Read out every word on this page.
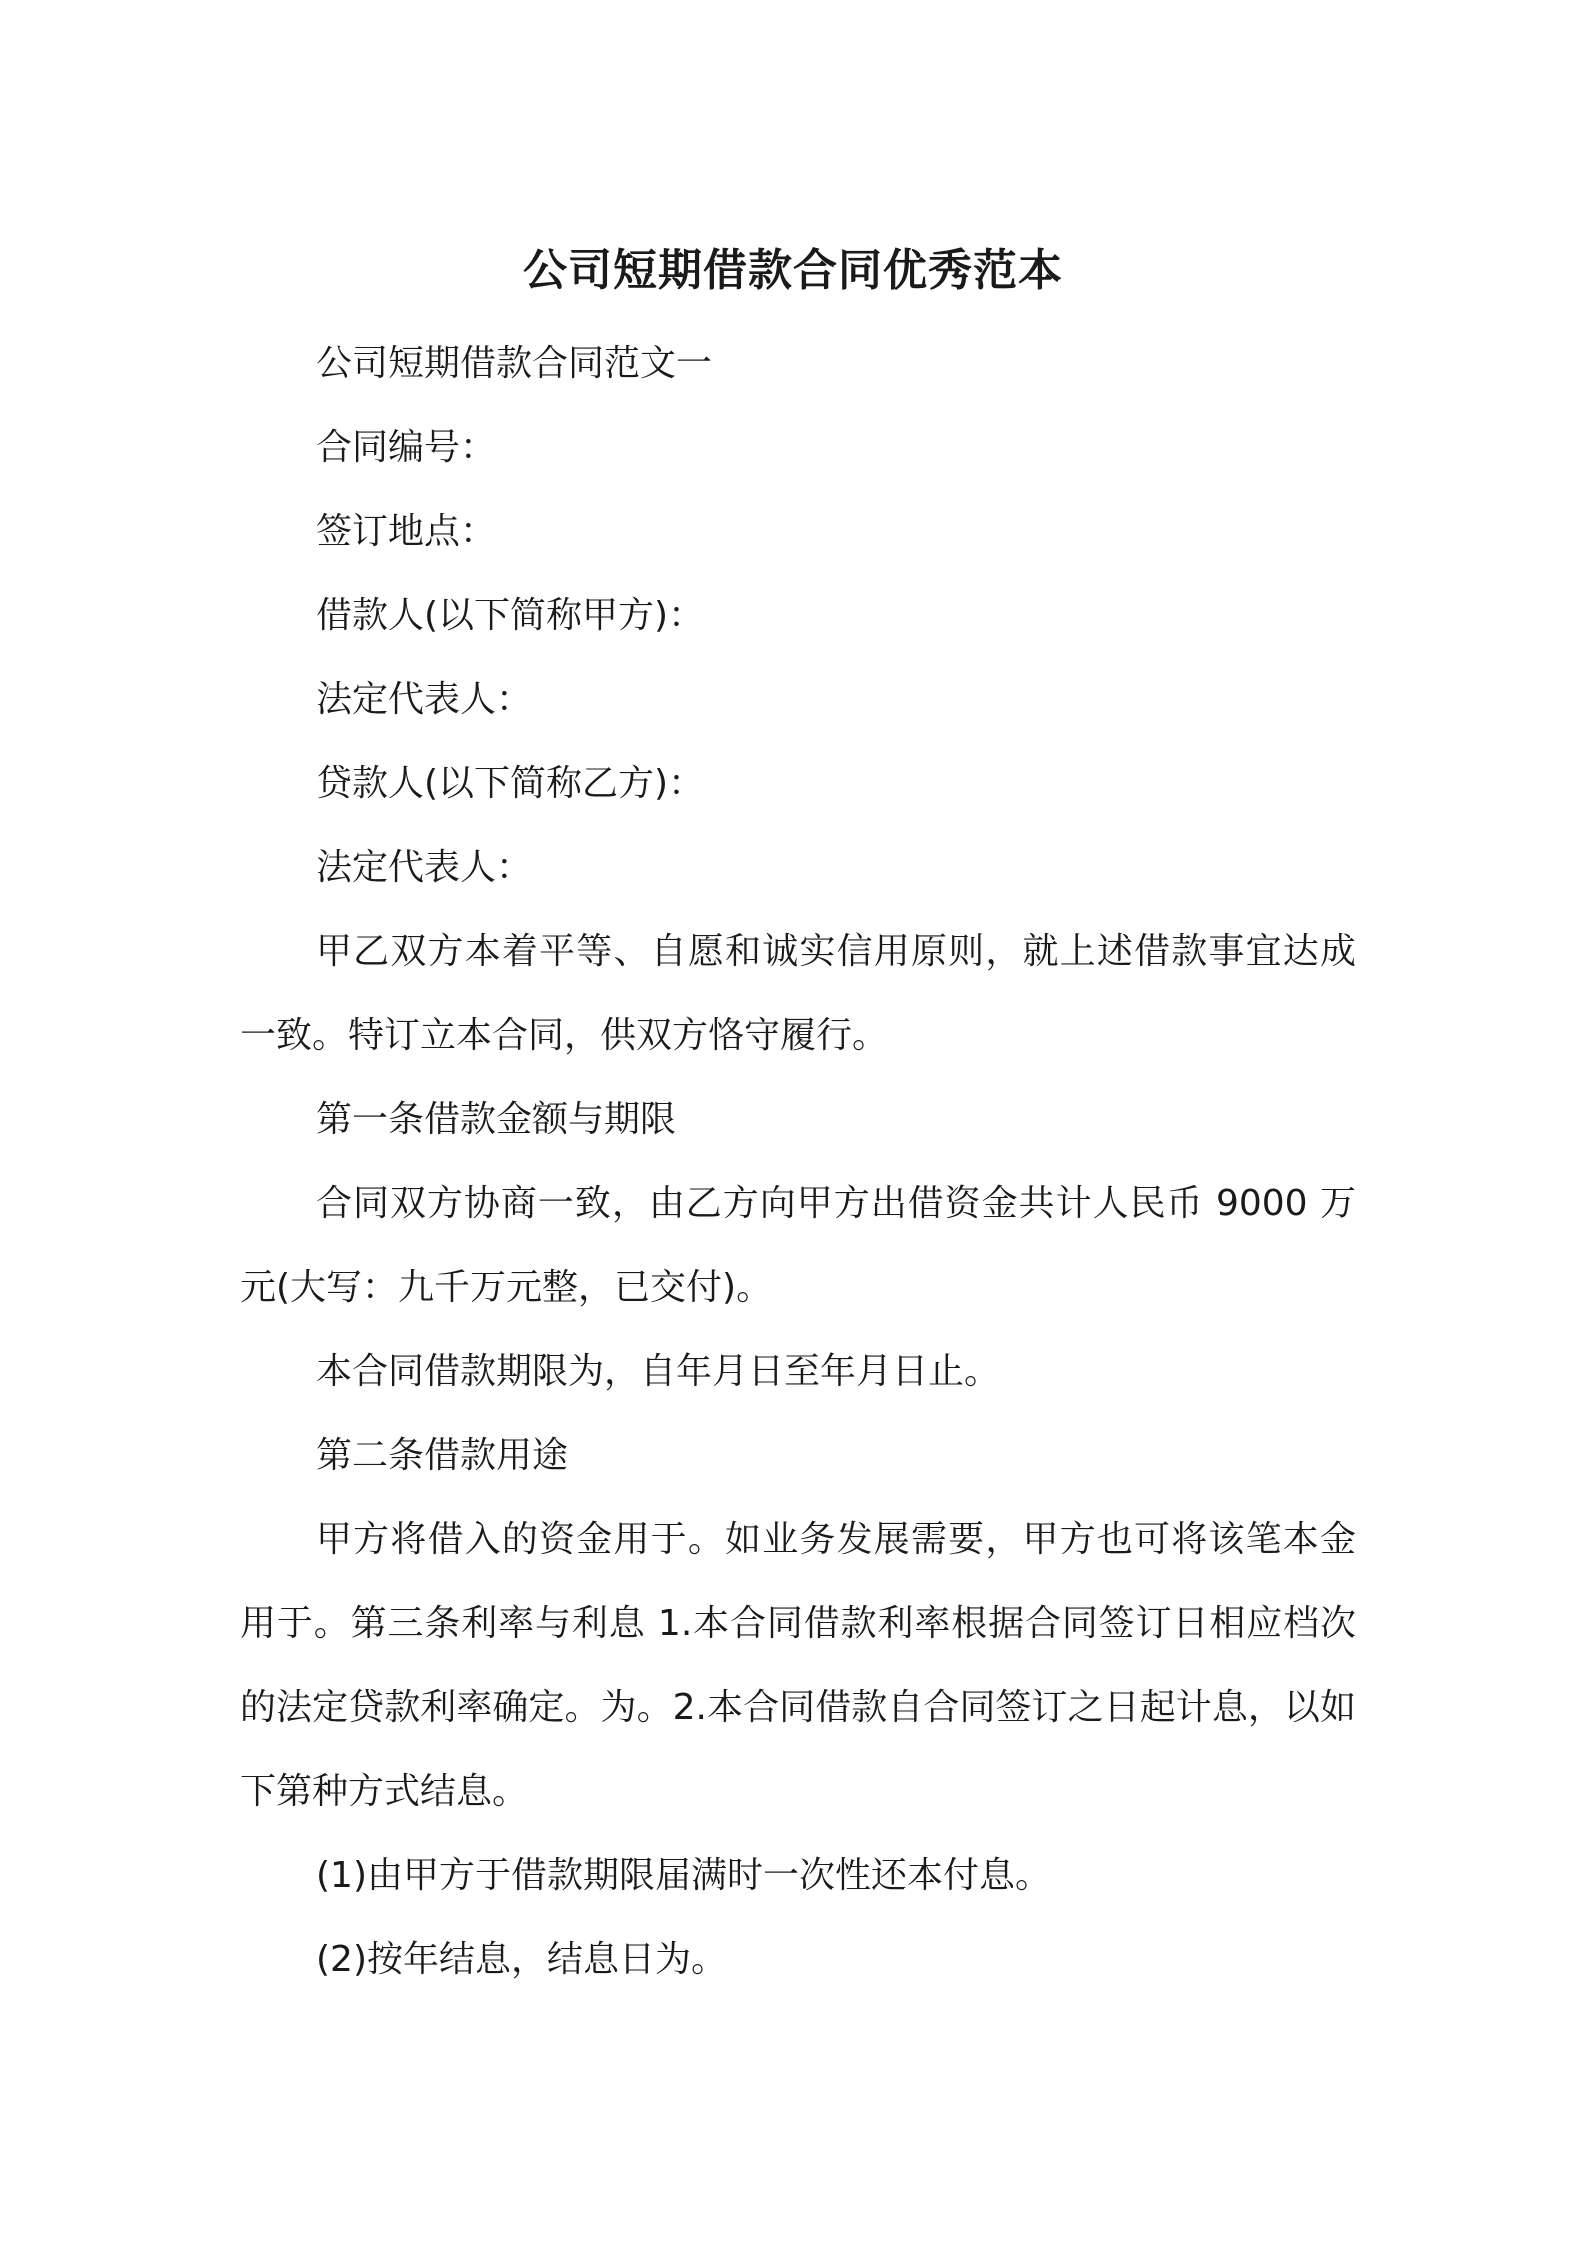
公司短期借款合同优秀范本

公司短期借款合同范文一

合同编号：

签订地点：

借款人(以下简称甲方)：

法定代表人：

贷款人(以下简称乙方)：

法定代表人：

甲乙双方本着平等、自愿和诚实信用原则，就上述借款事宜达成一致。特订立本合同，供双方恪守履行。

第一条借款金额与期限

合同双方协商一致，由乙方向甲方出借资金共计人民币 9000 万元(大写：九千万元整，已交付)。

本合同借款期限为，自年月日至年月日止。

第二条借款用途

甲方将借入的资金用于。如业务发展需要，甲方也可将该笔本金用于。第三条利率与利息 1.本合同借款利率根据合同签订日相应档次的法定贷款利率确定。为。2.本合同借款自合同签订之日起计息，以如下第种方式结息。

(1)由甲方于借款期限届满时一次性还本付息。

(2)按年结息，结息日为。
